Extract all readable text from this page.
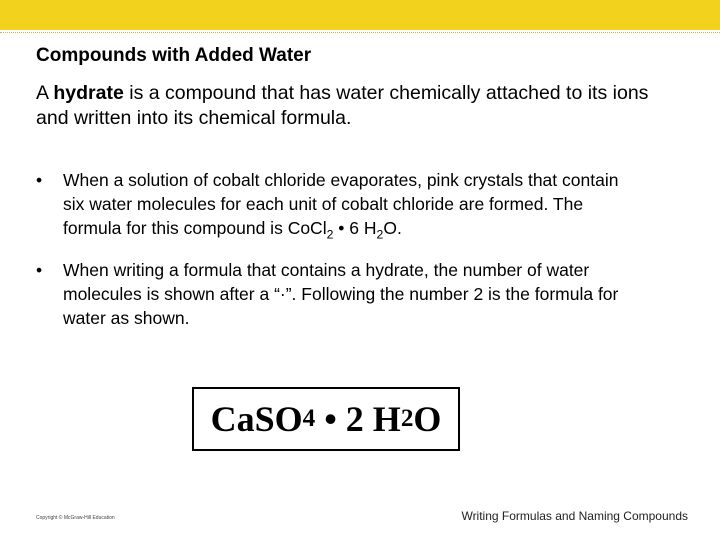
Compounds with Added Water

A hydrate is a compound that has water chemically attached to its ions and written into its chemical formula.

• When a solution of cobalt chloride evaporates, pink crystals that contain six water molecules for each unit of cobalt chloride are formed. The formula for this compound is CoCl$_2$ • 6 $H_2O$.
• When writing a formula that contains a hydrate, the number of water molecules is shown after a “·”. Following the number 2 is the formula for water as shown.
CaSO 4 • 2 H 2 O
Copyright © McGraw-Hill Education	Writing Formulas and Naming Compounds
